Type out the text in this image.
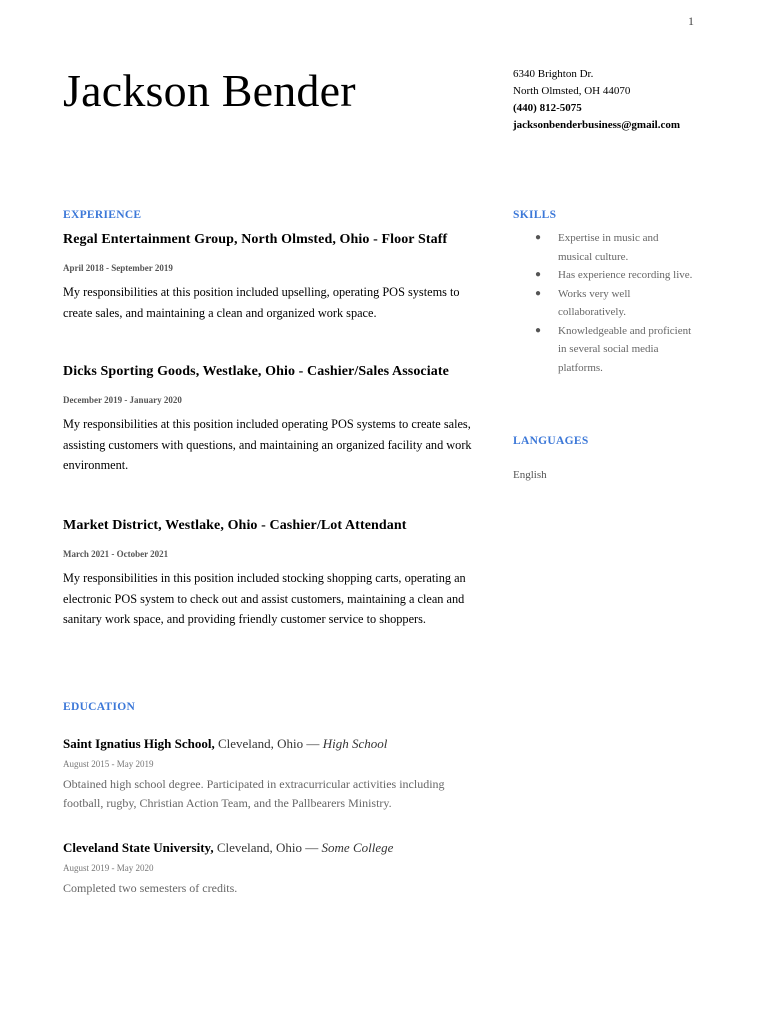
1
Jackson Bender	6340 Brighton Dr.
North Olmsted, OH 44070
(440) 812-5075
jacksonbenderbusiness@gmail.com
EXPERIENCE

Regal Entertainment Group, North Olmsted, Ohio - Floor Staff

April 2018 - September 2019
My responsibilities at this position included upselling, operating POS systems to create sales, and maintaining a clean and organized work space.

Dicks Sporting Goods, Westlake, Ohio - Cashier/Sales Associate

December 2019 - January 2020
My responsibilities at this position included operating POS systems to create sales, assisting customers with questions, and maintaining an organized facility and work environment.

Market District, Westlake, Ohio - Cashier/Lot Attendant

March 2021 - October 2021
My responsibilities in this position included stocking shopping carts, operating an electronic POS system to check out and assist customers, maintaining a clean and sanitary work space, and providing friendly customer service to shoppers.
SKILLS
● Expertise in music and musical culture.
● Has experience recording live.
● Works very well collaboratively.
● Knowledgeable and proficient in several social media platforms.
LANGUAGES
English
EDUCATION

Saint Ignatius High School, Cleveland, Ohio — High School

August 2015 - May 2019
Obtained high school degree. Participated in extracurricular activities including football, rugby, Christian Action Team, and the Pallbearers Ministry.

Cleveland State University, Cleveland, Ohio — Some College

August 2019 - May 2020
Completed two semesters of credits.
